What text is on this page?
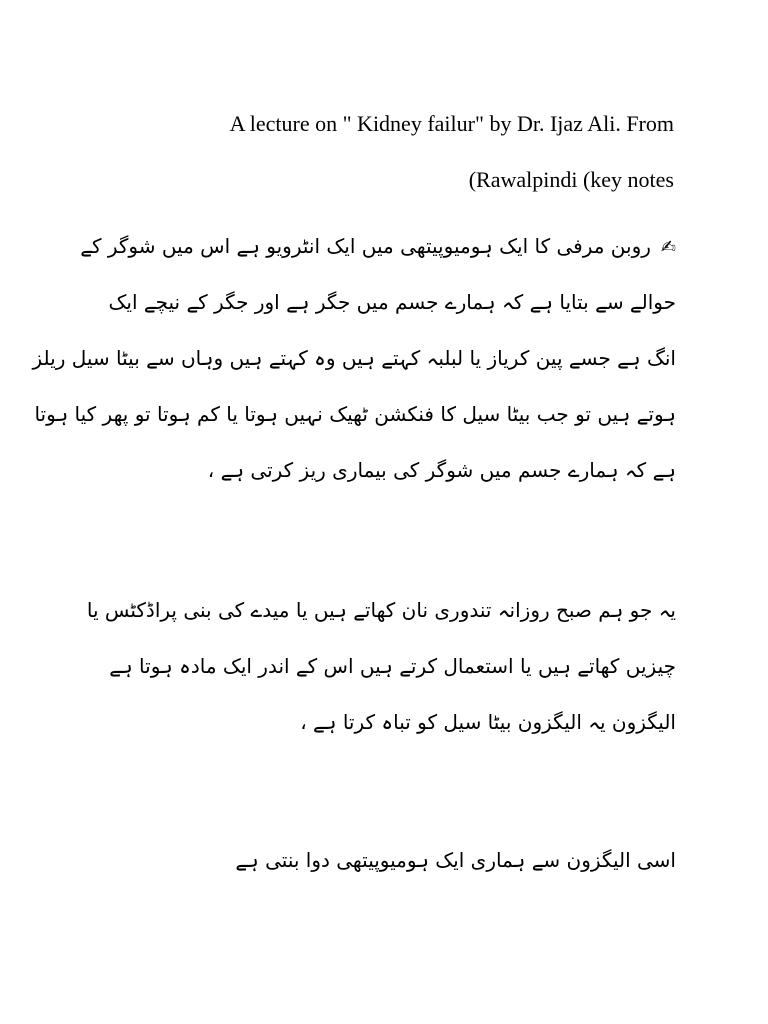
A lecture on " Kidney failur" by Dr. Ijaz Ali. From
(Rawalpindi (key notes
✍روبن مرفی کا ایک ہومیوپیتھی میں ایک انٹرویو ہے اس میں شوگر کے
حوالے سے بتایا ہے کہ ہمارے جسم میں جگر ہے اور جگر کے نیچے ایک
انگ ہے جسے پین کریاز یا لبلبہ کہتے ہیں وہ کہتے ہیں وہاں سے بیٹا سیل ریلز
ہوتے ہیں تو جب بیٹا سیل کا فنکشن ٹھیک نہیں ہوتا یا کم ہوتا تو پھر کیا ہوتا
ہے کہ ہمارے جسم میں شوگر کی بیماری ریز کرتی ہے ،
یہ جو ہم صبح روزانہ تندوری نان کھاتے ہیں یا میدے کی بنی پراڈکٹس یا
چیزیں کھاتے ہیں یا استعمال کرتے ہیں اس کے اندر ایک مادہ ہوتا ہے
الیگزون یہ الیگزون بیٹا سیل کو تباہ کرتا ہے ،
اسی الیگزون سے ہماری ایک ہومیوپیتھی دوا بنتی ہے
